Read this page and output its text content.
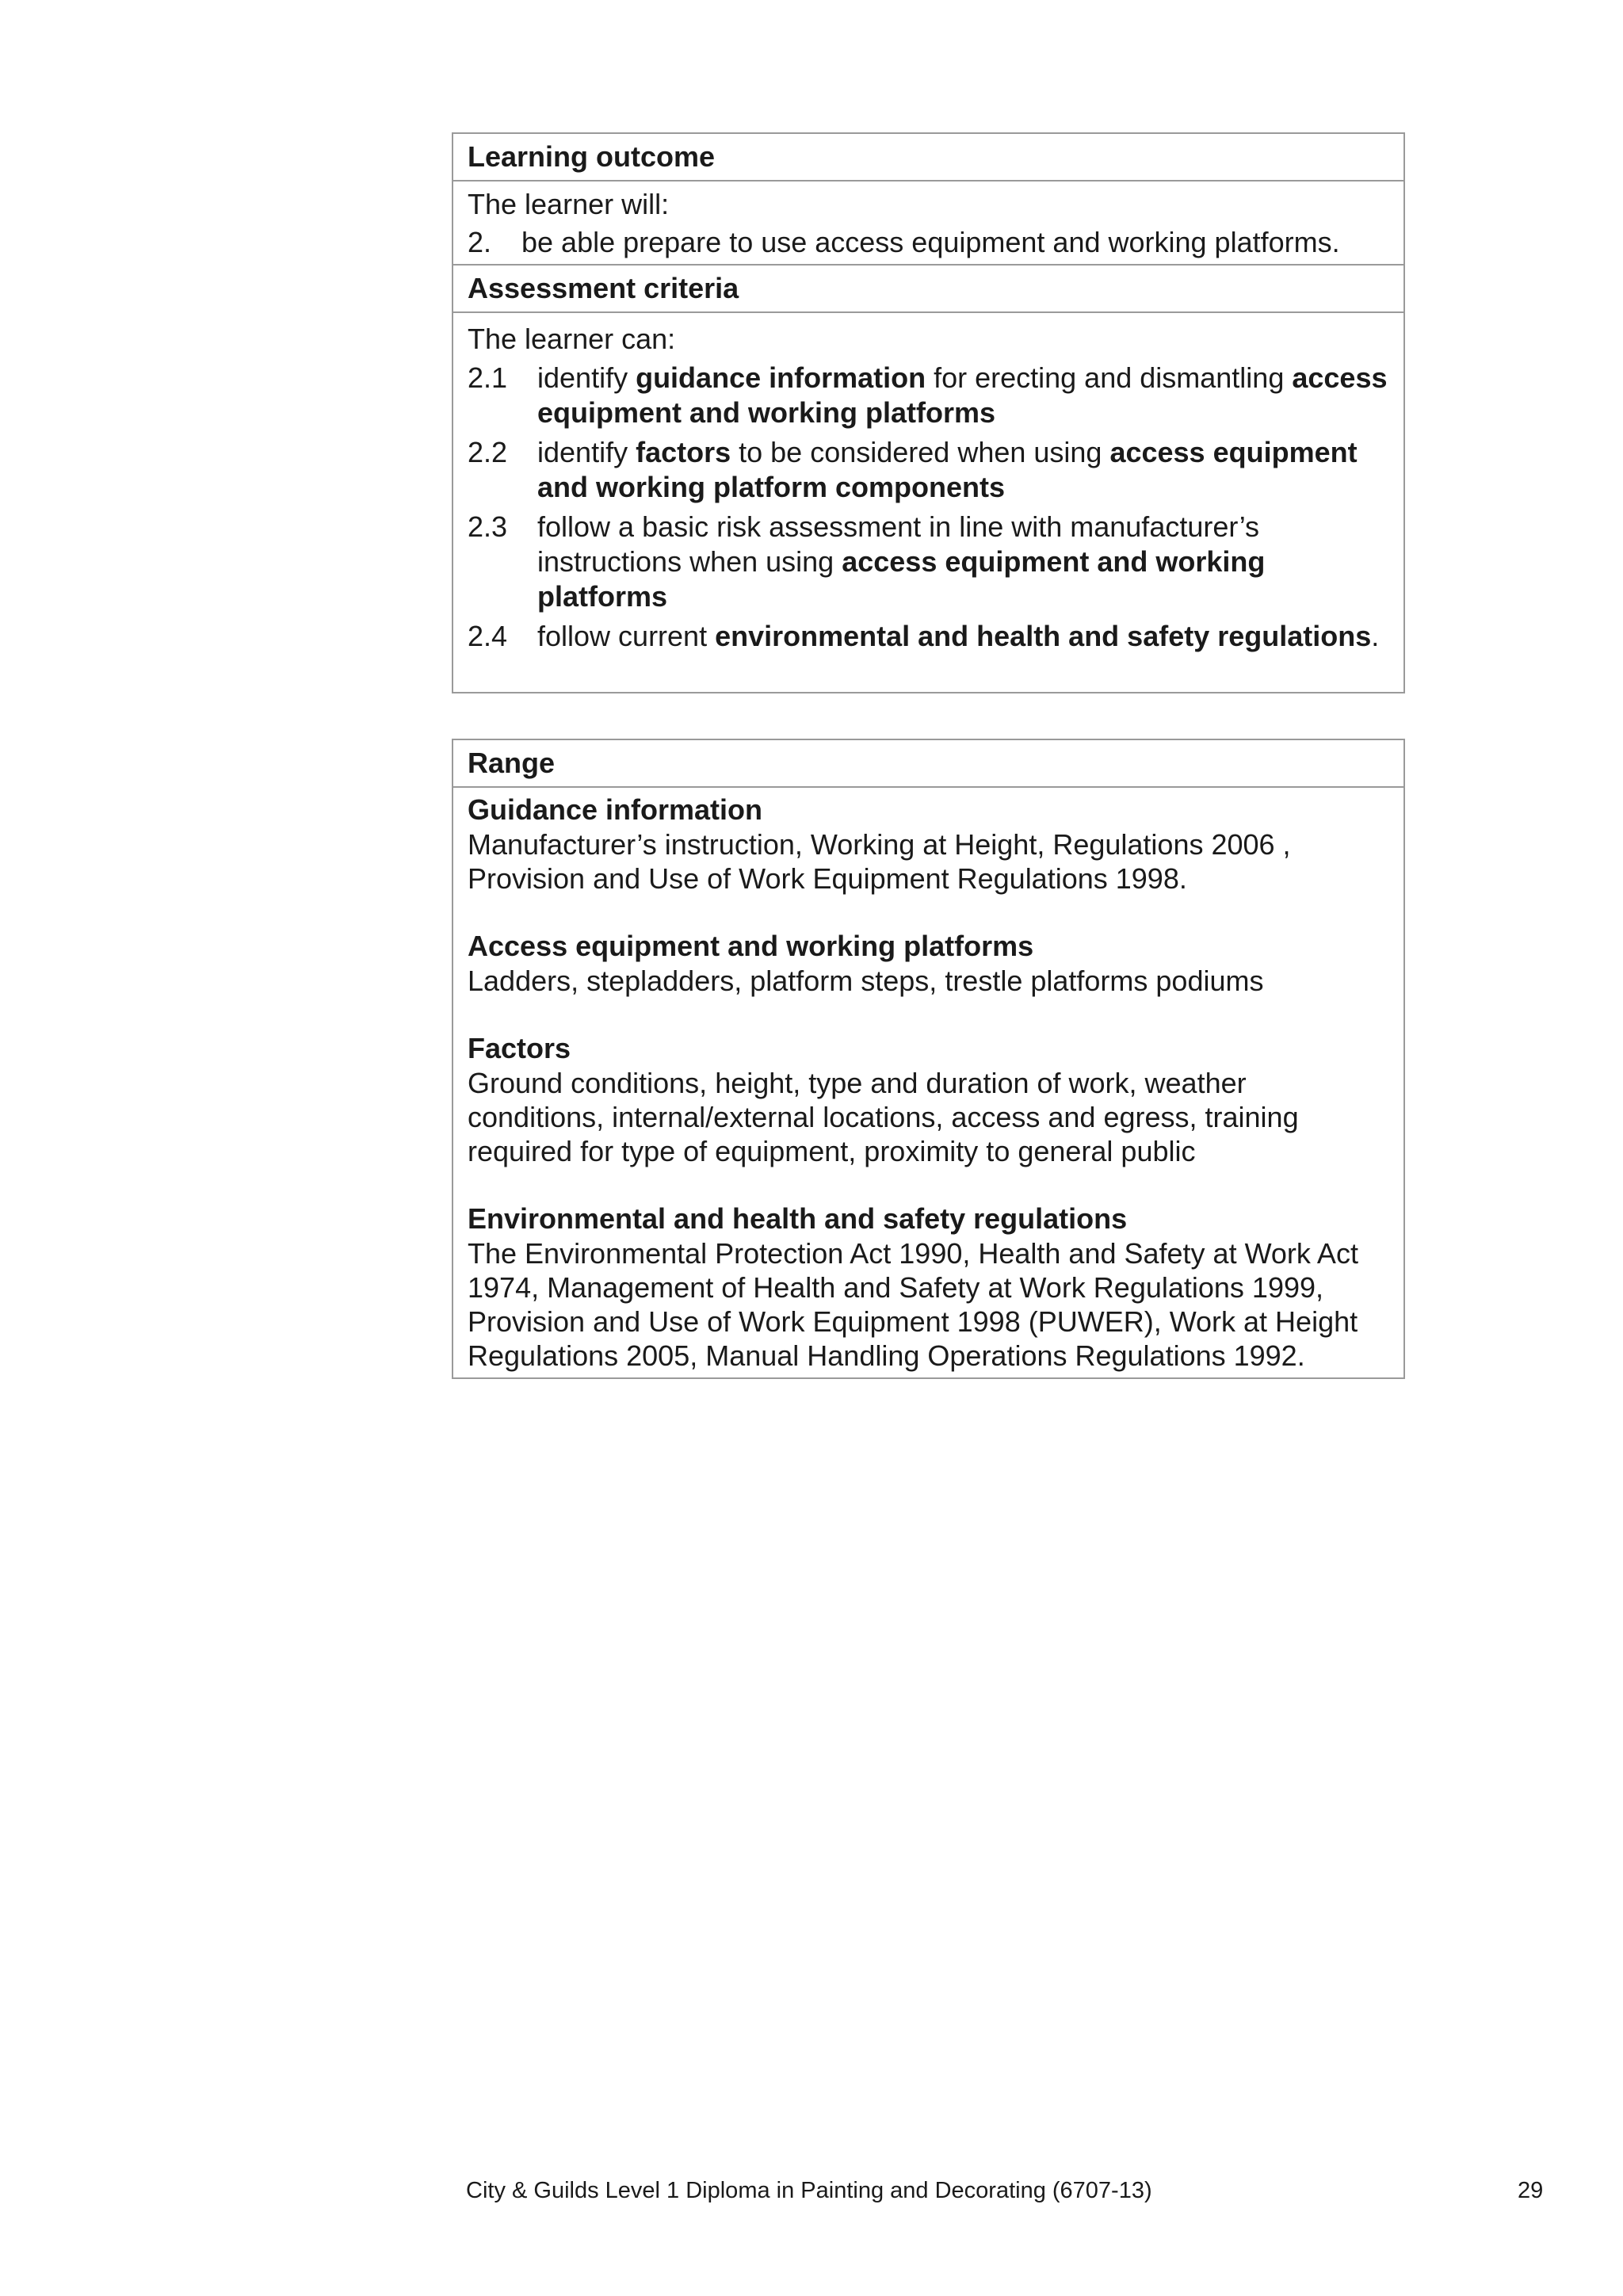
Learning outcome

The learner will:

2.	be able prepare to use access equipment and working platforms.
Assessment criteria

The learner can:

2.1	identify guidance information for erecting and dismantling access equipment and working platforms
2.2	identify factors to be considered when using access equipment and working platform components
2.3	follow a basic risk assessment in line with manufacturer’s instructions when using access equipment and working platforms
2.4	follow current environmental and health and safety regulations.
Range
Guidance information
Manufacturer’s instruction, Working at Height, Regulations 2006 , Provision and Use of Work Equipment Regulations 1998.
Access equipment and working platforms
Ladders, stepladders, platform steps, trestle platforms podiums
Factors
Ground conditions, height, type and duration of work, weather conditions, internal/external locations, access and egress, training required for type of equipment, proximity to general public
Environmental and health and safety regulations
The Environmental Protection Act 1990, Health and Safety at Work Act 1974, Management of Health and Safety at Work Regulations 1999, Provision and Use of Work Equipment 1998 (PUWER), Work at Height Regulations 2005, Manual Handling Operations Regulations 1992.
City & Guilds Level 1 Diploma in Painting and Decorating (6707-13)	29
